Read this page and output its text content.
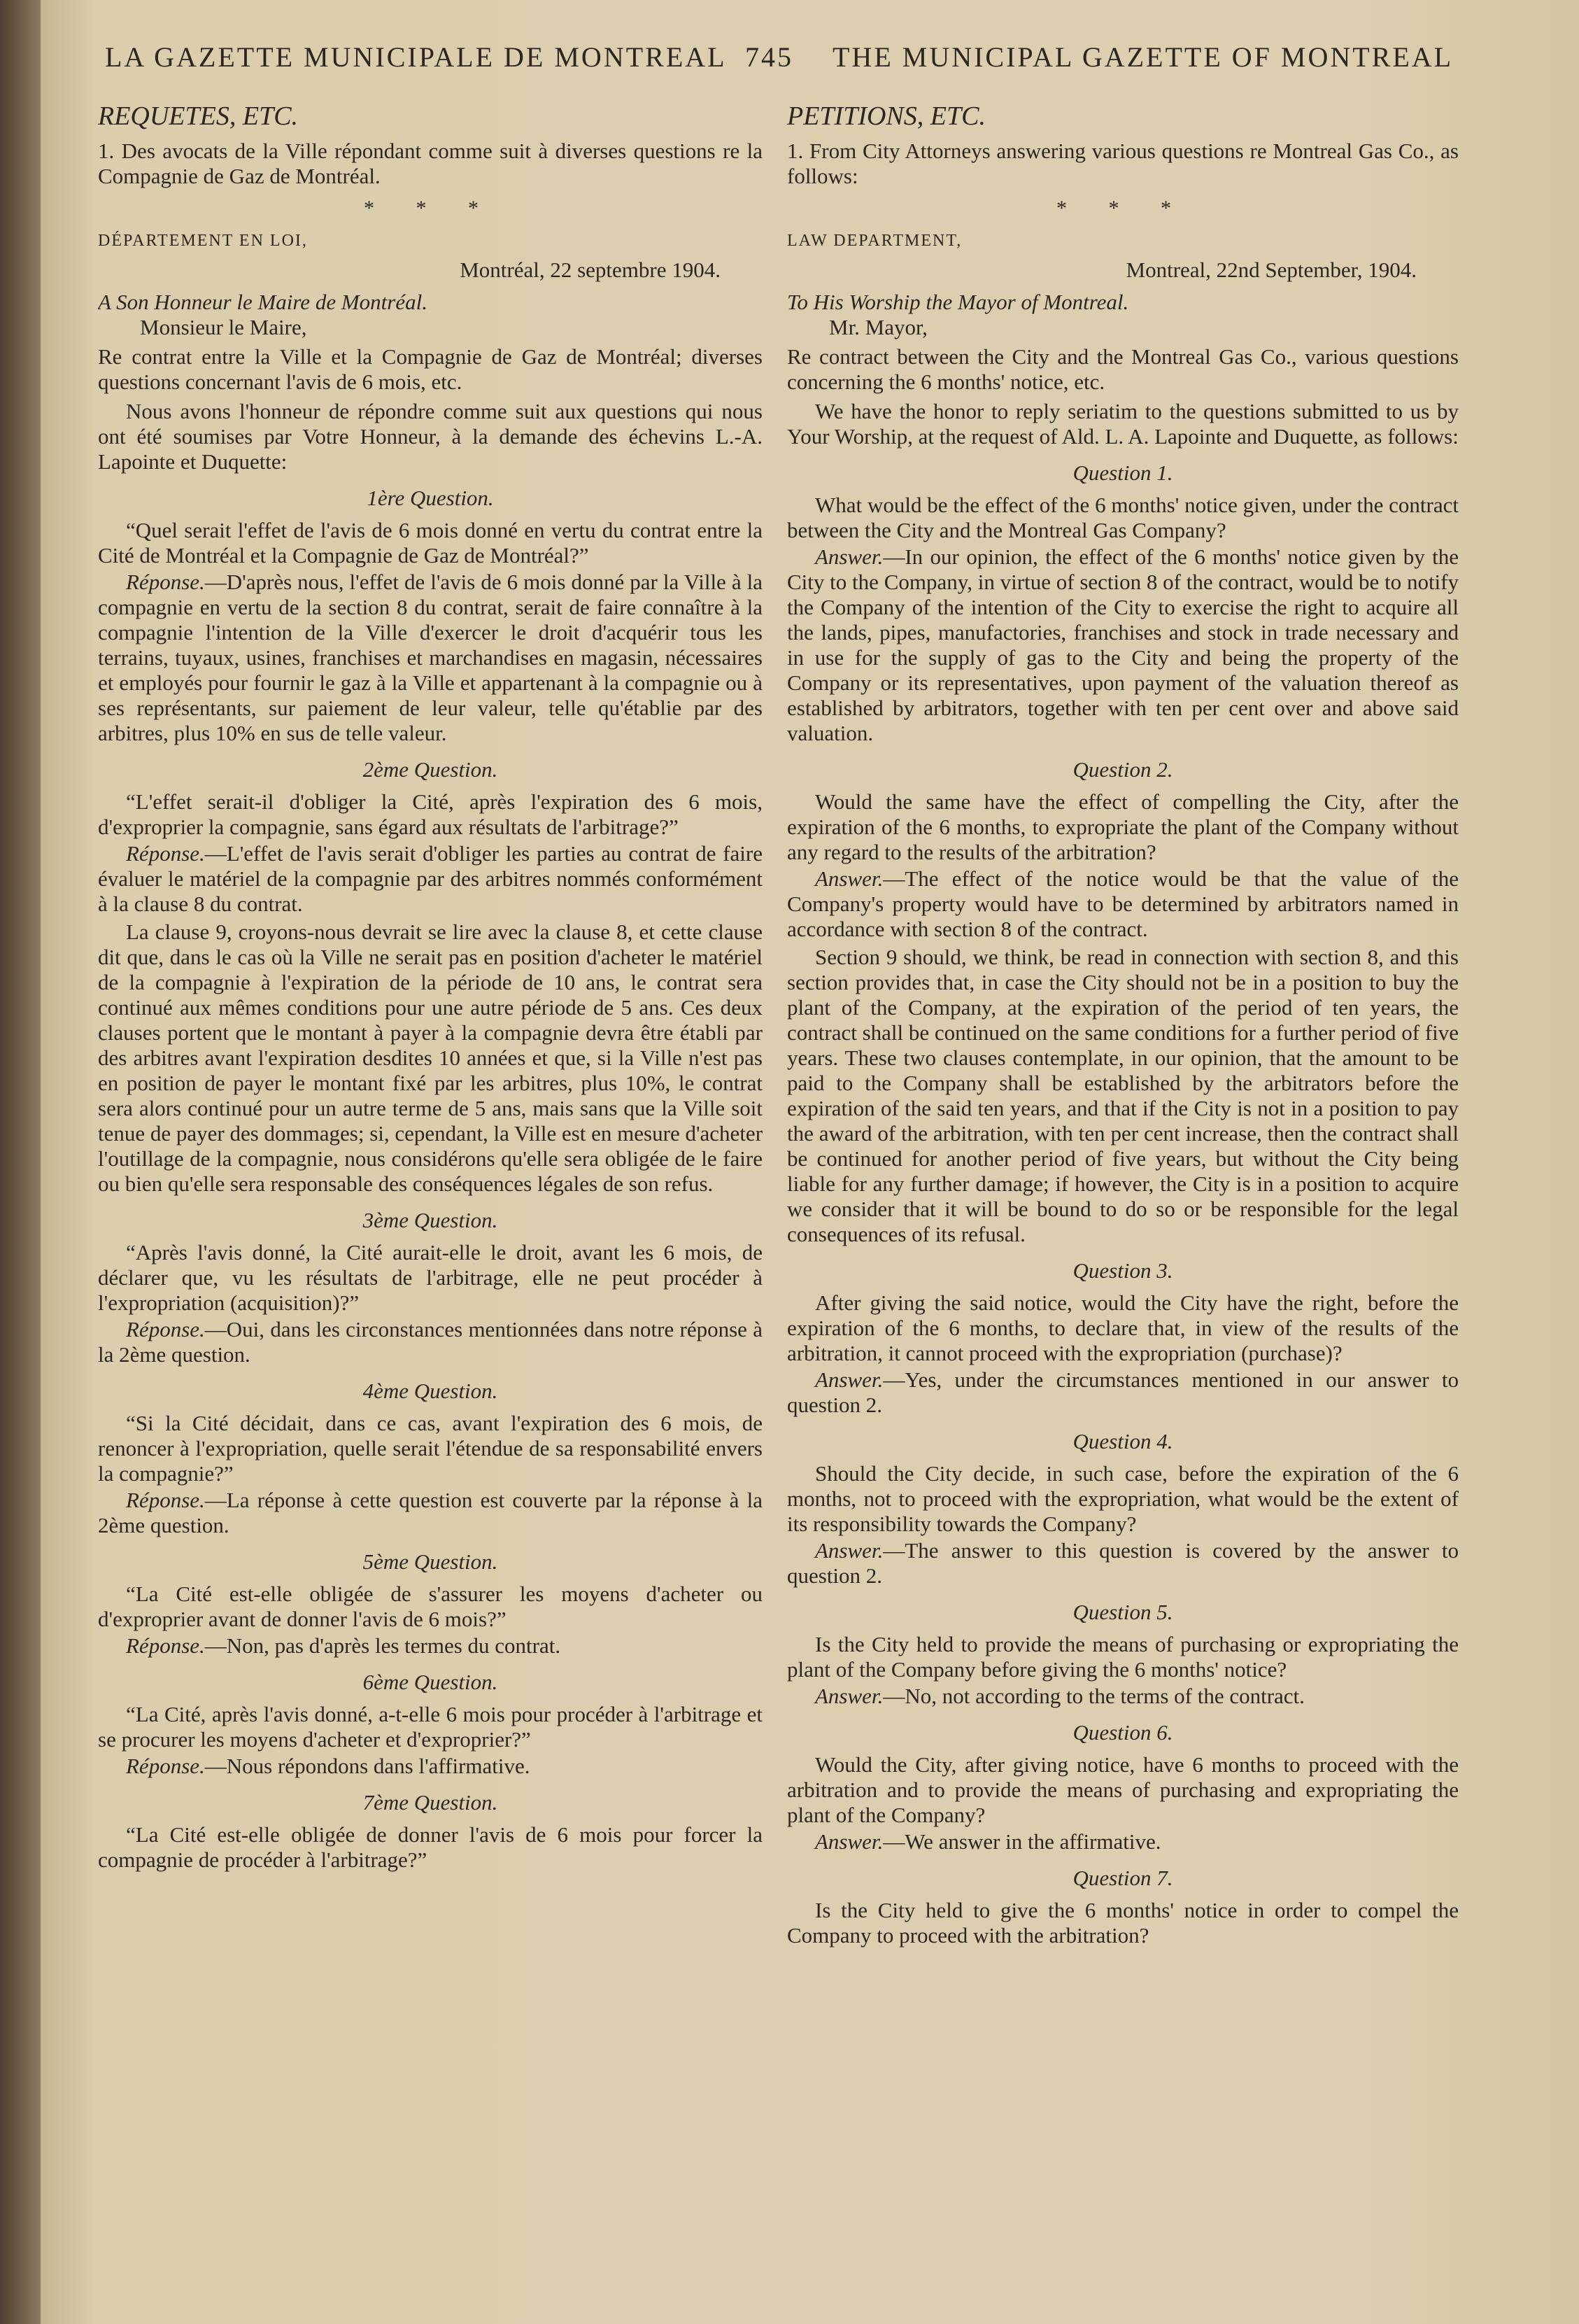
LA GAZETTE MUNICIPALE DE MONTREAL 745 THE MUNICIPAL GAZETTE OF MONTREAL
REQUETES, ETC.
1. Des avocats de la Ville répondant comme suit à diverses questions re la Compagnie de Gaz de Montréal.
* * *
DÉPARTEMENT EN LOI,
Montréal, 22 septembre 1904.
A Son Honneur le Maire de Montréal.
Monsieur le Maire,
Re contrat entre la Ville et la Compagnie de Gaz de Montréal; diverses questions concernant l'avis de 6 mois, etc.
Nous avons l'honneur de répondre comme suit aux questions qui nous ont été soumises par Votre Honneur, à la demande des échevins L.-A. Lapointe et Duquette:
1ère Question.
“Quel serait l'effet de l'avis de 6 mois donné en vertu du contrat entre la Cité de Montréal et la Compagnie de Gaz de Montréal?”
Réponse.—D'après nous, l'effet de l'avis de 6 mois donné par la Ville à la compagnie en vertu de la section 8 du contrat, serait de faire connaître à la compagnie l'intention de la Ville d'exercer le droit d'acquérir tous les terrains, tuyaux, usines, franchises et marchandises en magasin, nécessaires et employés pour fournir le gaz à la Ville et appartenant à la compagnie ou à ses représentants, sur paiement de leur valeur, telle qu'établie par des arbitres, plus 10% en sus de telle valeur.
2ème Question.
“L'effet serait-il d'obliger la Cité, après l'expiration des 6 mois, d'exproprier la compagnie, sans égard aux résultats de l'arbitrage?”
Réponse.—L'effet de l'avis serait d'obliger les parties au contrat de faire évaluer le matériel de la compagnie par des arbitres nommés conformément à la clause 8 du contrat.
La clause 9, croyons-nous devrait se lire avec la clause 8, et cette clause dit que, dans le cas où la Ville ne serait pas en position d'acheter le matériel de la compagnie à l'expiration de la période de 10 ans, le contrat sera continué aux mêmes conditions pour une autre période de 5 ans. Ces deux clauses portent que le montant à payer à la compagnie devra être établi par des arbitres avant l'expiration desdites 10 années et que, si la Ville n'est pas en position de payer le montant fixé par les arbitres, plus 10%, le contrat sera alors continué pour un autre terme de 5 ans, mais sans que la Ville soit tenue de payer des dommages; si, cependant, la Ville est en mesure d'acheter l'outillage de la compagnie, nous considérons qu'elle sera obligée de le faire ou bien qu'elle sera responsable des conséquences légales de son refus.
3ème Question.
“Après l'avis donné, la Cité aurait-elle le droit, avant les 6 mois, de déclarer que, vu les résultats de l'arbitrage, elle ne peut procéder à l'expropriation (acquisition)?”
Réponse.—Oui, dans les circonstances mentionnées dans notre réponse à la 2ème question.
4ème Question.
“Si la Cité décidait, dans ce cas, avant l'expiration des 6 mois, de renoncer à l'expropriation, quelle serait l'étendue de sa responsabilité envers la compagnie?”
Réponse.—La réponse à cette question est couverte par la réponse à la 2ème question.
5ème Question.
“La Cité est-elle obligée de s'assurer les moyens d'acheter ou d'exproprier avant de donner l'avis de 6 mois?”
Réponse.—Non, pas d'après les termes du contrat.
6ème Question.
“La Cité, après l'avis donné, a-t-elle 6 mois pour procéder à l'arbitrage et se procurer les moyens d'acheter et d'exproprier?”
Réponse.—Nous répondons dans l'affirmative.
7ème Question.
“La Cité est-elle obligée de donner l'avis de 6 mois pour forcer la compagnie de procéder à l'arbitrage?”
PETITIONS, ETC.
1. From City Attorneys answering various questions re Montreal Gas Co., as follows:
* * *
LAW DEPARTMENT,
Montreal, 22nd September, 1904.
To His Worship the Mayor of Montreal.
Mr. Mayor,
Re contract between the City and the Montreal Gas Co., various questions concerning the 6 months' notice, etc.
We have the honor to reply seriatim to the questions submitted to us by Your Worship, at the request of Ald. L. A. Lapointe and Duquette, as follows:
Question 1.
What would be the effect of the 6 months' notice given, under the contract between the City and the Montreal Gas Company?
Answer.—In our opinion, the effect of the 6 months' notice given by the City to the Company, in virtue of section 8 of the contract, would be to notify the Company of the intention of the City to exercise the right to acquire all the lands, pipes, manufactories, franchises and stock in trade necessary and in use for the supply of gas to the City and being the property of the Company or its representatives, upon payment of the valuation thereof as established by arbitrators, together with ten per cent over and above said valuation.
Question 2.
Would the same have the effect of compelling the City, after the expiration of the 6 months, to expropriate the plant of the Company without any regard to the results of the arbitration?
Answer.—The effect of the notice would be that the value of the Company's property would have to be determined by arbitrators named in accordance with section 8 of the contract.
Section 9 should, we think, be read in connection with section 8, and this section provides that, in case the City should not be in a position to buy the plant of the Company, at the expiration of the period of ten years, the contract shall be continued on the same conditions for a further period of five years. These two clauses contemplate, in our opinion, that the amount to be paid to the Company shall be established by the arbitrators before the expiration of the said ten years, and that if the City is not in a position to pay the award of the arbitration, with ten per cent increase, then the contract shall be continued for another period of five years, but without the City being liable for any further damage; if however, the City is in a position to acquire we consider that it will be bound to do so or be responsible for the legal consequences of its refusal.
Question 3.
After giving the said notice, would the City have the right, before the expiration of the 6 months, to declare that, in view of the results of the arbitration, it cannot proceed with the expropriation (purchase)?
Answer.—Yes, under the circumstances mentioned in our answer to question 2.
Question 4.
Should the City decide, in such case, before the expiration of the 6 months, not to proceed with the expropriation, what would be the extent of its responsibility towards the Company?
Answer.—The answer to this question is covered by the answer to question 2.
Question 5.
Is the City held to provide the means of purchasing or expropriating the plant of the Company before giving the 6 months' notice?
Answer.—No, not according to the terms of the contract.
Question 6.
Would the City, after giving notice, have 6 months to proceed with the arbitration and to provide the means of purchasing and expropriating the plant of the Company?
Answer.—We answer in the affirmative.
Question 7.
Is the City held to give the 6 months' notice in order to compel the Company to proceed with the arbitration?
